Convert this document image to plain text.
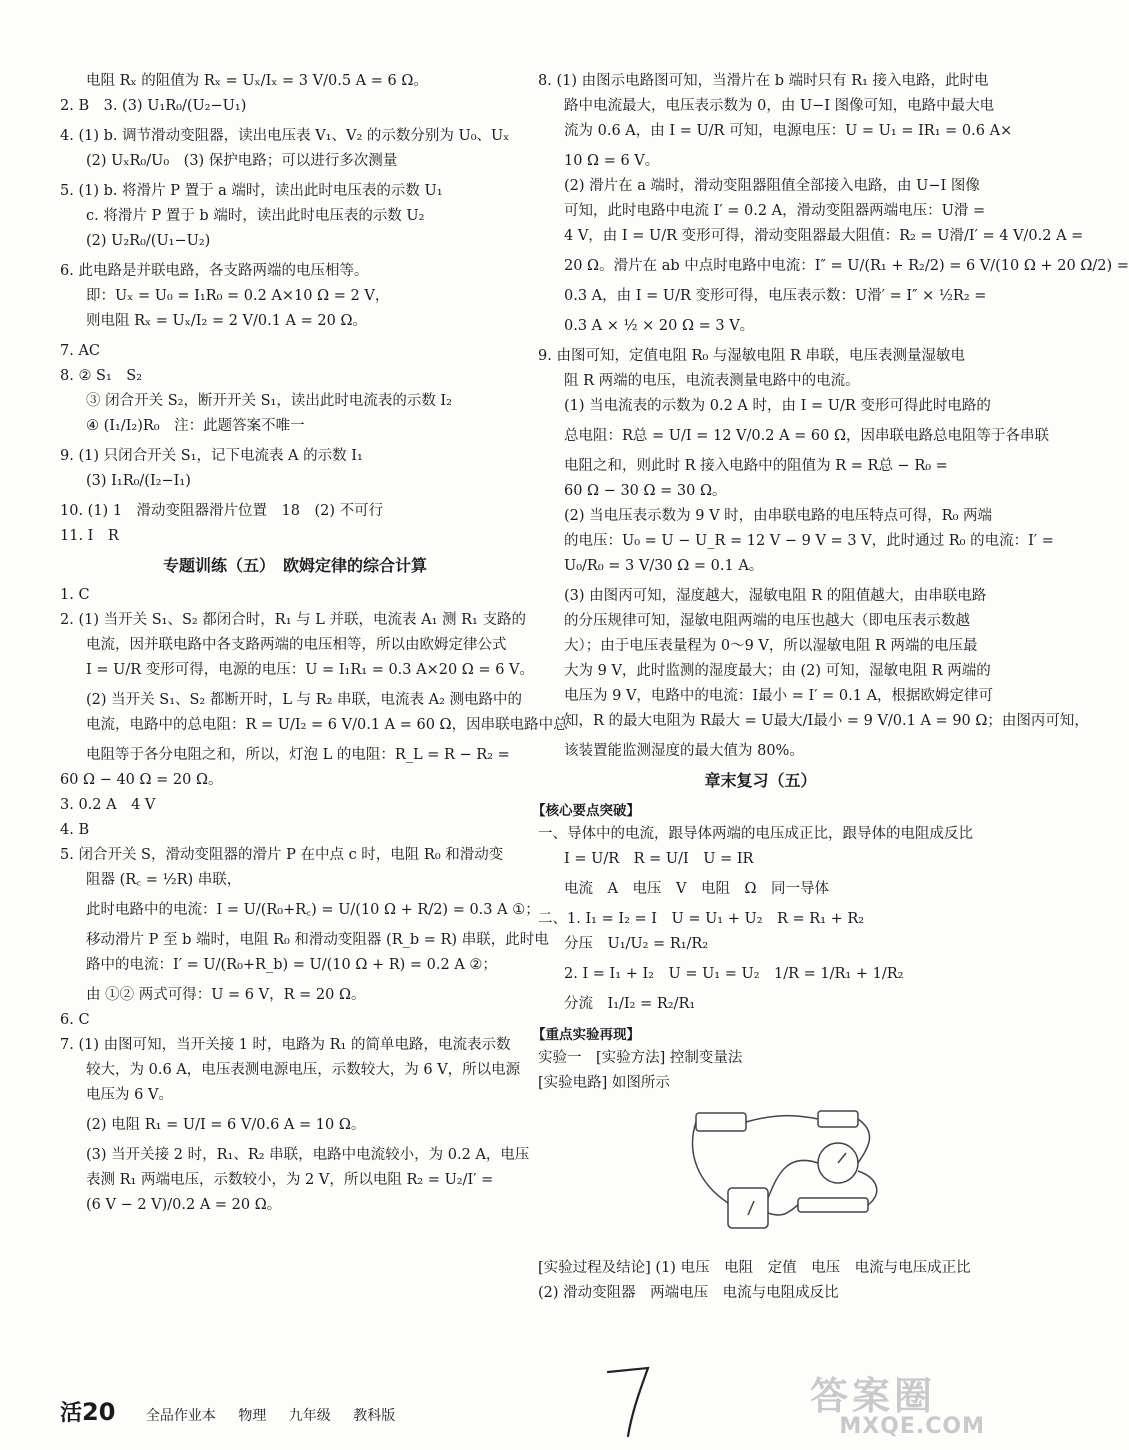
电阻 Rₓ 的阻值为 Rₓ = Uₓ/Iₓ = 3 V/0.5 A = 6 Ω。
2. B　3. (3) U₁R₀/(U₂−U₁)
4. (1) b. 调节滑动变阻器，读出电压表 V₁、V₂ 的示数分别为 U₀、Uₓ
(2) UₓR₀/U₀　(3) 保护电路；可以进行多次测量
5. (1) b. 将滑片 P 置于 a 端时，读出此时电压表的示数 U₁
c. 将滑片 P 置于 b 端时，读出此时电压表的示数 U₂
(2) U₂R₀/(U₁−U₂)
6. 此电路是并联电路，各支路两端的电压相等。
即：Uₓ = U₀ = I₁R₀ = 0.2 A×10 Ω = 2 V，
则电阻 Rₓ = Uₓ/I₂ = 2 V/0.1 A = 20 Ω。
7. AC
8. ② S₁　S₂
③ 闭合开关 S₂，断开开关 S₁，读出此时电流表的示数 I₂
④ (I₁/I₂)R₀　注：此题答案不唯一
9. (1) 只闭合开关 S₁，记下电流表 A 的示数 I₁
(3) I₁R₀/(I₂−I₁)
10. (1) 1　滑动变阻器滑片位置　18　(2) 不可行
11. I　R
专题训练（五）　欧姆定律的综合计算
1. C
2. (1) 当开关 S₁、S₂ 都闭合时，R₁ 与 L 并联，电流表 A₁ 测 R₁ 支路的
电流，因并联电路中各支路两端的电压相等，所以由欧姆定律公式
I = U/R 变形可得，电源的电压：U = I₁R₁ = 0.3 A×20 Ω = 6 V。
(2) 当开关 S₁、S₂ 都断开时，L 与 R₂ 串联，电流表 A₂ 测电路中的
电流，电路中的总电阻：R = U/I₂ = 6 V/0.1 A = 60 Ω，因串联电路中总
电阻等于各分电阻之和，所以，灯泡 L 的电阻：R_L = R − R₂ =
60 Ω − 40 Ω = 20 Ω。
3. 0.2 A　4 V
4. B
5. 闭合开关 S，滑动变阻器的滑片 P 在中点 c 时，电阻 R₀ 和滑动变
阻器 (R꜀ = ½R) 串联，
此时电路中的电流：I = U/(R₀+R꜀) = U/(10 Ω + R/2) = 0.3 A ①；
移动滑片 P 至 b 端时，电阻 R₀ 和滑动变阻器 (R_b = R) 串联，此时电
路中的电流：I′ = U/(R₀+R_b) = U/(10 Ω + R) = 0.2 A ②；
由 ①② 两式可得：U = 6 V，R = 20 Ω。
6. C
7. (1) 由图可知，当开关接 1 时，电路为 R₁ 的简单电路，电流表示数
较大，为 0.6 A，电压表测电源电压，示数较大，为 6 V，所以电源
电压为 6 V。
(2) 电阻 R₁ = U/I = 6 V/0.6 A = 10 Ω。
(3) 当开关接 2 时，R₁、R₂ 串联，电路中电流较小，为 0.2 A，电压
表测 R₁ 两端电压，示数较小，为 2 V，所以电阻 R₂ = U₂/I′ =
(6 V − 2 V)/0.2 A = 20 Ω。
8. (1) 由图示电路图可知，当滑片在 b 端时只有 R₁ 接入电路，此时电
路中电流最大，电压表示数为 0，由 U−I 图像可知，电路中最大电
流为 0.6 A，由 I = U/R 可知，电源电压：U = U₁ = IR₁ = 0.6 A×
10 Ω = 6 V。
(2) 滑片在 a 端时，滑动变阻器阻值全部接入电路，由 U−I 图像
可知，此时电路中电流 I′ = 0.2 A，滑动变阻器两端电压：U滑 =
4 V，由 I = U/R 变形可得，滑动变阻器最大阻值：R₂ = U滑/I′ = 4 V/0.2 A =
20 Ω。滑片在 ab 中点时电路中电流：I″ = U/(R₁ + R₂/2) = 6 V/(10 Ω + 20 Ω/2) =
0.3 A，由 I = U/R 变形可得，电压表示数：U滑′ = I″ × ½R₂ =
0.3 A × ½ × 20 Ω = 3 V。
9. 由图可知，定值电阻 R₀ 与湿敏电阻 R 串联，电压表测量湿敏电
阻 R 两端的电压，电流表测量电路中的电流。
(1) 当电流表的示数为 0.2 A 时，由 I = U/R 变形可得此时电路的
总电阻：R总 = U/I = 12 V/0.2 A = 60 Ω，因串联电路总电阻等于各串联
电阻之和，则此时 R 接入电路中的阻值为 R = R总 − R₀ =
60 Ω − 30 Ω = 30 Ω。
(2) 当电压表示数为 9 V 时，由串联电路的电压特点可得，R₀ 两端
的电压：U₀ = U − U_R = 12 V − 9 V = 3 V，此时通过 R₀ 的电流：I′ =
U₀/R₀ = 3 V/30 Ω = 0.1 A。
(3) 由图丙可知，湿度越大，湿敏电阻 R 的阻值越大，由串联电路
的分压规律可知，湿敏电阻两端的电压也越大（即电压表示数越
大）；由于电压表量程为 0～9 V，所以湿敏电阻 R 两端的电压最
大为 9 V，此时监测的湿度最大；由 (2) 可知，湿敏电阻 R 两端的
电压为 9 V，电路中的电流：I最小 = I′ = 0.1 A，根据欧姆定律可
知，R 的最大电阻为 R最大 = U最大/I最小 = 9 V/0.1 A = 90 Ω；由图丙可知，
该装置能监测湿度的最大值为 80%。
章末复习（五）
【核心要点突破】
一、导体中的电流，跟导体两端的电压成正比，跟导体的电阻成反比
I = U/R　R = U/I　U = IR
电流　A　电压　V　电阻　Ω　同一导体
二、1. I₁ = I₂ = I　U = U₁ + U₂　R = R₁ + R₂
分压　U₁/U₂ = R₁/R₂
2. I = I₁ + I₂　U = U₁ = U₂　1/R = 1/R₁ + 1/R₂
分流　I₁/I₂ = R₂/R₁
【重点实验再现】
实验一　[实验方法] 控制变量法
[实验电路] 如图所示
[实验过程及结论] (1) 电压　电阻　定值　电压　电流与电压成正比
(2) 滑动变阻器　两端电压　电流与电阻成反比
活20 全品作业本 物理 九年级 教科版	答案圈
MXQE.COM
